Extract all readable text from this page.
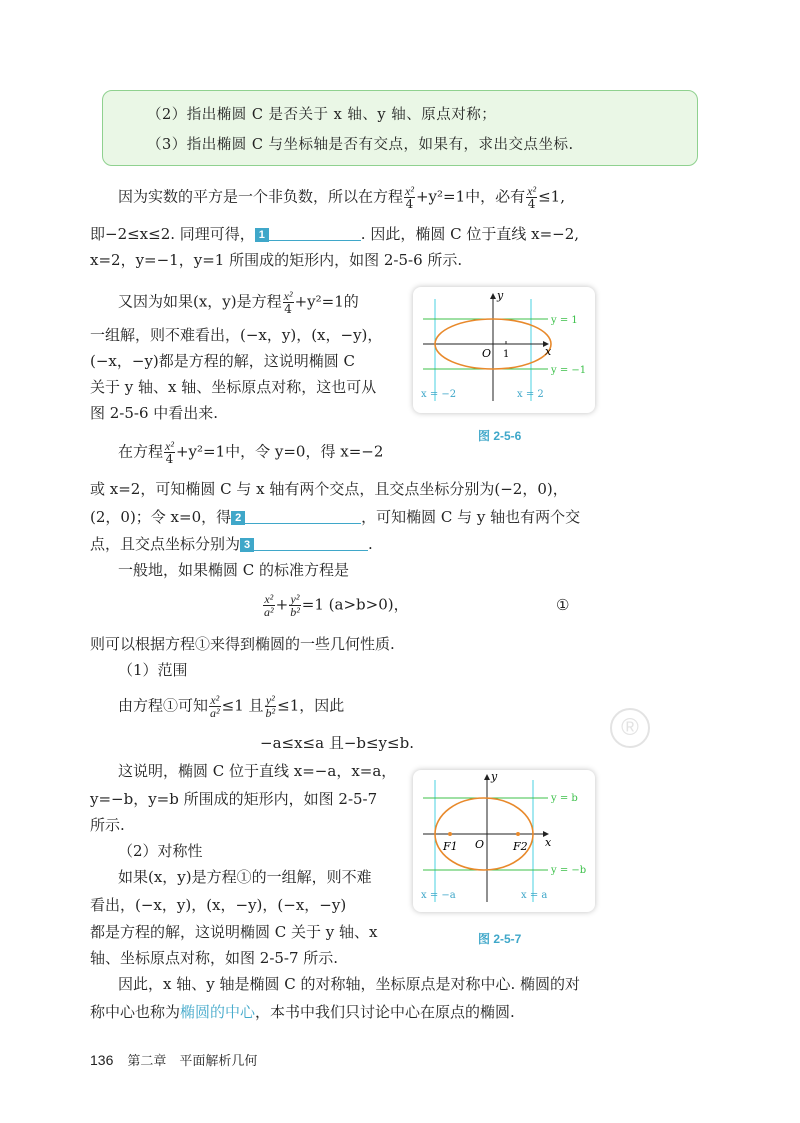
（2）指出椭圆 C 是否关于 x 轴、y 轴、原点对称；
（3）指出椭圆 C 与坐标轴是否有交点，如果有，求出交点坐标.
因为实数的平方是一个非负数，所以在方程 $\frac{\text{x²}}{4} +y^2=1$中，必有 $\frac{\text{x²}}{4} \le 1$,
即−2≤x≤2. 同理可得， 1	. 因此，椭圆 C 位于直线 x=−2,
x=2，y=−1，y=1 所围成的矩形内，如图 2-5-6 所示.
又因为如果(x，y)是方程 $\frac{\text{x²}}{4} +y^2=1$的
一组解，则不难看出，(−x，y)，(x，−y)，
(−x，−y)都是方程的解，这说明椭圆 C
关于 y 轴、x 轴、坐标原点对称，这也可从
图 2-5-6 中看出来.
O 1	x
y
y = 1
y = −1
x = −2	x = 2
图 2-5-6
在方程 $\frac{\text{x²}}{4} +y^2=1$中，令 y=0，得 x=−2
或 x=2，可知椭圆 C 与 x 轴有两个交点，且交点坐标分别为(−2，0)，
(2，0)；令 x=0，得 2	，可知椭圆 C 与 y 轴也有两个交
点，且交点坐标分别为 3	.
一般地，如果椭圆 C 的标准方程是
$\frac{\text{x²}}{\text{a²}} + \frac{\text{y²}}{\text{b²}} =1$ (a>b>0)，	①
则可以根据方程①来得到椭圆的一些几何性质.
（1）范围
由方程①可知 $\frac{\text{x²}}{\text{a²}} \le 1$ 且 $\frac{\text{y²}}{\text{b²}} \le 1$，因此
−a≤x≤a 且−b≤y≤b.
这说明，椭圆 C 位于直线 x=−a，x=a，
y=−b，y=b 所围成的矩形内，如图 2-5-7
所示.
®
（2）对称性
如果(x，y)是方程①的一组解，则不难
看出，(−x，y)，(x，−y)，(−x，−y)
都是方程的解，这说明椭圆 C 关于 y 轴、x
轴、坐标原点对称，如图 2-5-7 所示.
O
F1	F2 x
y
y = b
y = −b
x = −a	x = a
图 2-5-7
因此，x 轴、y 轴是椭圆 C 的对称轴，坐标原点是对称中心. 椭圆的对
称中心也称为椭圆的中心，本书中我们只讨论中心在原点的椭圆.
136 第二章　平面解析几何
